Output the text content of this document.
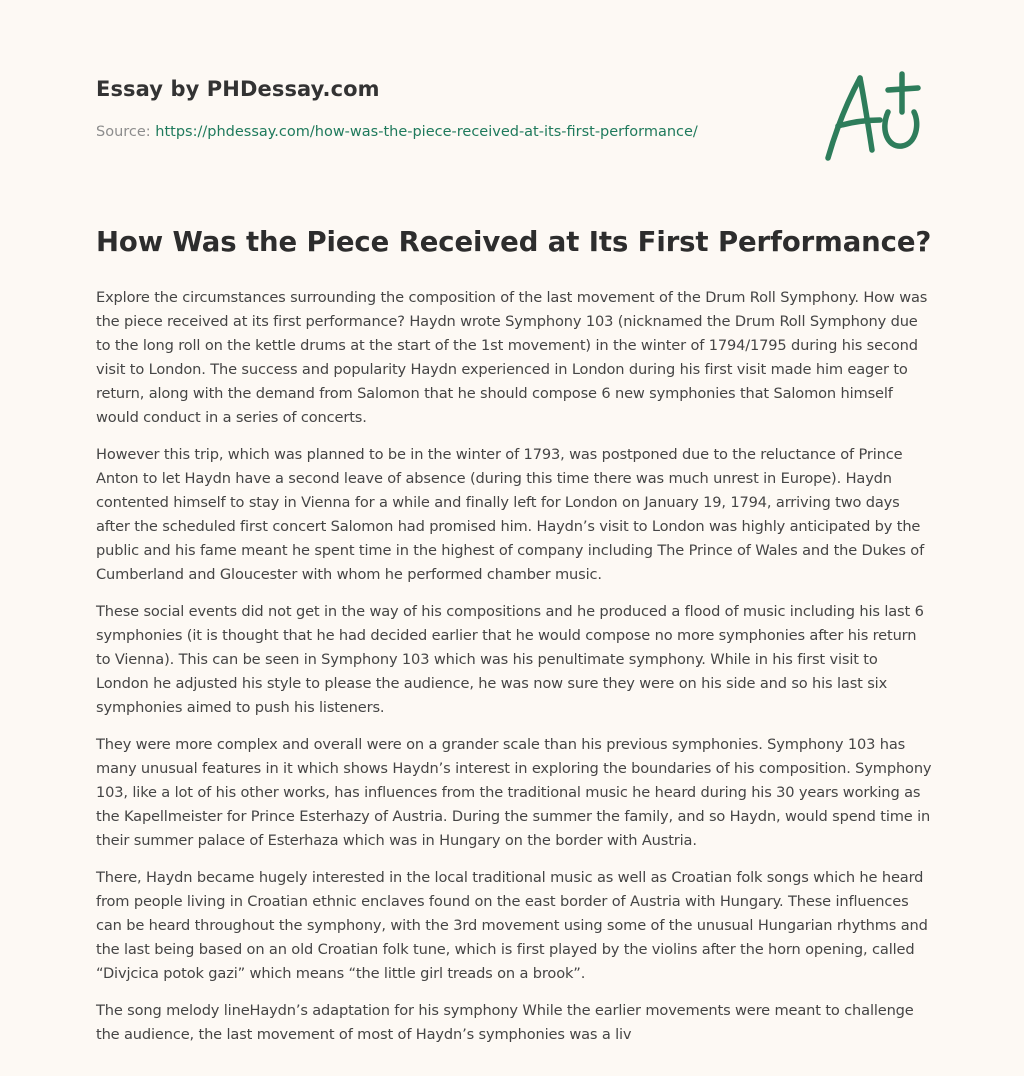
Essay by PHDessay.com
Source: https://phdessay.com/how-was-the-piece-received-at-its-first-performance/
How Was the Piece Received at Its First Performance?

Explore the circumstances surrounding the composition of the last movement of the Drum Roll Symphony. How was the piece received at its first performance? Haydn wrote Symphony 103 (nicknamed the Drum Roll Symphony due to the long roll on the kettle drums at the start of the 1st movement) in the winter of 1794/1795 during his second visit to London. The success and popularity Haydn experienced in London during his first visit made him eager to return, along with the demand from Salomon that he should compose 6 new symphonies that Salomon himself would conduct in a series of concerts.

However this trip, which was planned to be in the winter of 1793, was postponed due to the reluctance of Prince Anton to let Haydn have a second leave of absence (during this time there was much unrest in Europe). Haydn contented himself to stay in Vienna for a while and finally left for London on January 19, 1794, arriving two days after the scheduled first concert Salomon had promised him. Haydn’s visit to London was highly anticipated by the public and his fame meant he spent time in the highest of company including The Prince of Wales and the Dukes of Cumberland and Gloucester with whom he performed chamber music.

These social events did not get in the way of his compositions and he produced a flood of music including his last 6 symphonies (it is thought that he had decided earlier that he would compose no more symphonies after his return to Vienna). This can be seen in Symphony 103 which was his penultimate symphony. While in his first visit to London he adjusted his style to please the audience, he was now sure they were on his side and so his last six symphonies aimed to push his listeners.

They were more complex and overall were on a grander scale than his previous symphonies. Symphony 103 has many unusual features in it which shows Haydn’s interest in exploring the boundaries of his composition. Symphony 103, like a lot of his other works, has influences from the traditional music he heard during his 30 years working as the Kapellmeister for Prince Esterhazy of Austria. During the summer the family, and so Haydn, would spend time in their summer palace of Esterhaza which was in Hungary on the border with Austria.

There, Haydn became hugely interested in the local traditional music as well as Croatian folk songs which he heard from people living in Croatian ethnic enclaves found on the east border of Austria with Hungary. These influences can be heard throughout the symphony, with the 3rd movement using some of the unusual Hungarian rhythms and the last being based on an old Croatian folk tune, which is first played by the violins after the horn opening, called “Divjcica potok gazi” which means “the little girl treads on a brook”.

The song melody lineHaydn’s adaptation for his symphony While the earlier movements were meant to challenge the audience, the last movement of most of Haydn’s symphonies was a liv
